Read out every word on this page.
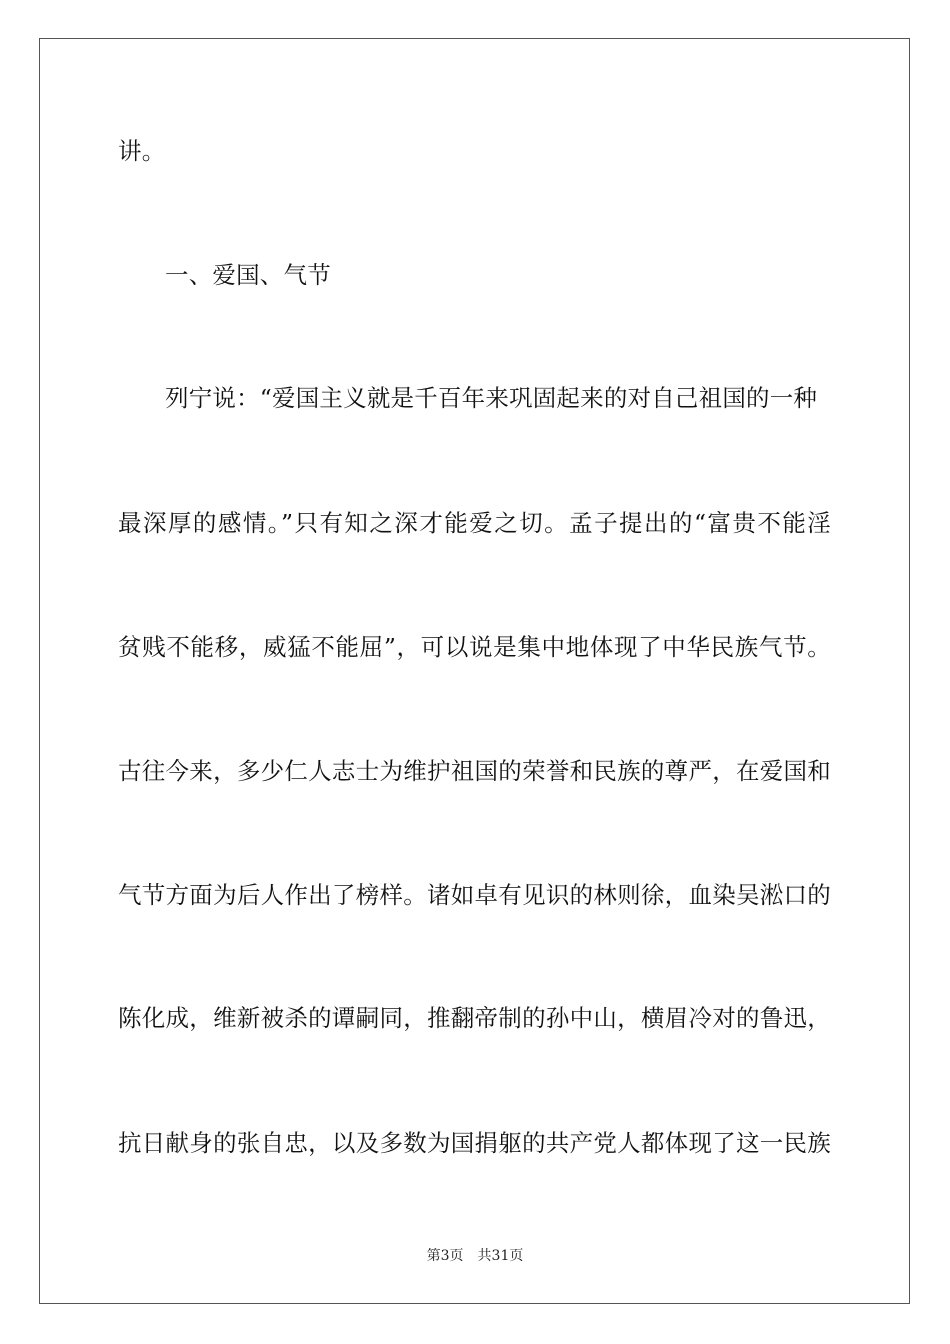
讲。
一、爱国、气节
列宁说：“爱国主义就是千百年来巩固起来的对自己祖国的一种
最深厚的感情。”只有知之深才能爱之切。孟子提出的“富贵不能淫
贫贱不能移，威猛不能屈”，可以说是集中地体现了中华民族气节。
古往今来，多少仁人志士为维护祖国的荣誉和民族的尊严，在爱国和
气节方面为后人作出了榜样。诸如卓有见识的林则徐，血染吴淞口的
陈化成，维新被杀的谭嗣同，推翻帝制的孙中山，横眉冷对的鲁迅，
抗日献身的张自忠，以及多数为国捐躯的共产党人都体现了这一民族
第3页 共31页
